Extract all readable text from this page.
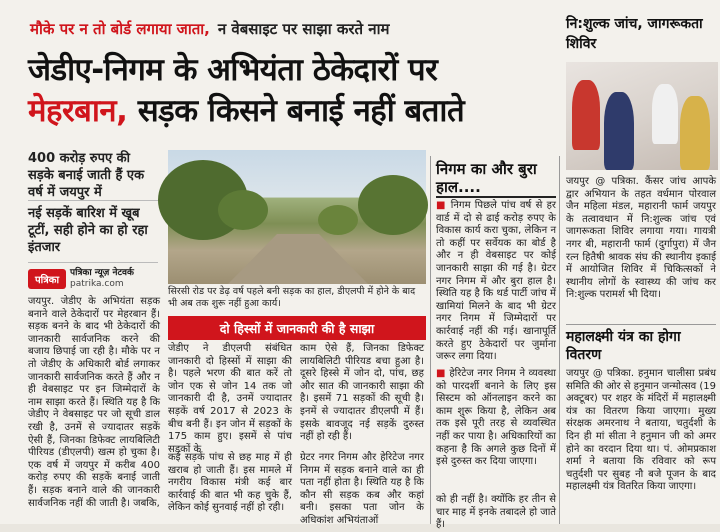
मौके पर न तो बोर्ड लगाया जाता, न वेबसाइट पर साझा करते नाम
जेडीए-निगम के अभियंता ठेकेदारों पर
मेहरबान, सड़क किसने बनाई नहीं बताते
400 करोड़ रुपए की सड़के बनाई जाती हैं एक वर्ष में जयपुर में
नई सड़कें बारिश में खूब टूटीं, सही होने का हो रहा इंतजार
पत्रिका
पत्रिका न्यूज़ नेटवर्क
patrika.com
जयपुर. जेडीए के अभियंता सड़क बनाने वाले ठेकेदारों पर मेहरबान हैं। सड़क बनने के बाद भी ठेकेदारों की जानकारी सार्वजनिक करने की बजाय छिपाई जा रही है। मौके पर न तो जेडीए के अधिकारी बोर्ड लगाकर जानकारी सार्वजनिक करते हैं और न ही वेबसाइट पर इन जिम्मेदारों के नाम साझा करते हैं। स्थिति यह है कि जेडीए ने वेबसाइट पर जो सूची डाल रखी है, उनमें से ज्यादातर सड़कें ऐसी हैं, जिनका डिफेक्ट लायबिलिटी पीरियड (डीएलपी) खत्म हो चुका है। एक वर्ष में जयपुर में करीब 400 करोड़ रुपए की सड़कें बनाई जाती हैं। सड़क बनाने वाले की जानकारी सार्वजनिक नहीं की जाती है। जबकि,
सिरसी रोड पर डेढ़ वर्ष पहले बनी सड़क का हाल, डीएलपी में होने के बाद भी अब तक शुरू नहीं हुआ कार्य।
दो हिस्सों में जानकारी की है साझा
जेडीए ने डीएलपी संबंधित जानकारी दो हिस्सों में साझा की है। पहले भरण की बात करें तो जोन एक से जोन 14 तक जो जानकारी दी है, उनमें ज्यादातर सड़कें वर्ष 2017 से 2023 के बीच बनी हैं। इन जोन में सड़कों के 175 काम हुए। इसमें से पांच सड़कों के
काम ऐसे हैं, जिनका डिफेक्ट लायबिलिटी पीरियड बचा हुआ है। दूसरे हिस्से में जोन दो, पांच, छह और सात की जानकारी साझा की है। इसमें 71 सड़कों की सूची है। इनमें से ज्यादातर डीएलपी में हैं। इसके बावजूद नई सड़कें दुरुस्त नहीं हो रही हैं।
कई सड़कें पांच से छह माह में ही खराब हो जाती हैं। इस मामले में नगरीय विकास मंत्री कई बार कार्रवाई की बात भी कह चुके हैं, लेकिन कोई सुनवाई नहीं हो रही।
ग्रेटर नगर निगम और हेरिटेज नगर निगम में सड़क बनाने वाले का ही पता नहीं होता है। स्थिति यह है कि कौन सी सड़क कब और कहां बनी। इसका पता जोन के अधिकांश अभियंताओं
निगम का और बुरा हाल....
■ निगम पिछले पांच वर्ष से हर वार्ड में दो से ढाई करोड़ रुपए के विकास कार्य करा चुका, लेकिन न तो कहीं पर सर्वेयक का बोर्ड है और न ही वेबसाइट पर कोई जानकारी साझा की गई है। ग्रेटर नगर निगम में और बुरा हाल है। स्थिति यह है कि थर्ड पार्टी जांच में खामियां मिलने के बाद भी ग्रेटर नगर निगम में जिम्मेदारों पर कार्रवाई नहीं की गई। खानापूर्ति करते हुए ठेकेदारों पर जुर्माना जरूर लगा दिया।
■ हेरिटेज नगर निगम ने व्यवस्था को पारदर्शी बनाने के लिए इस सिस्टम को ऑनलाइन करने का काम शुरू किया है, लेकिन अब तक इसे पूरी तरह से व्यवस्थित नहीं कर पाया है। अधिकारियों का कहना है कि अगले कुछ दिनों में इसे दुरुस्त कर दिया जाएगा।
को ही नहीं है। क्योंकि हर तीन से चार माह में इनके तबादले हो जाते हैं।
नि:शुल्क जांच, जागरूकता शिविर
जयपुर @ पत्रिका. कैंसर जांच आपके द्वार अभियान के तहत वर्धमान पोरवाल जैन महिला मंडल, महारानी फार्म जयपुर के तत्वावधान में नि:शुल्क जांच एवं जागरूकता शिविर लगाया गया। गायत्री नगर बी, महारानी फार्म (दुर्गापुरा) में जैन रत्न हितैषी श्रावक संघ की स्थानीय इकाई में आयोजित शिविर में चिकित्सकों ने स्थानीय लोगों के स्वास्थ्य की जांच कर नि:शुल्क परामर्श भी दिया।
महालक्ष्मी यंत्र का होगा वितरण
जयपुर @ पत्रिका. हनुमान चालीसा प्रबंध समिति की ओर से हनुमान जन्मोत्सव (19 अक्टूबर) पर शहर के मंदिरों में महालक्ष्मी यंत्र का वितरण किया जाएगा। मुख्य संरक्षक अमरनाथ ने बताया, चतुर्दशी के दिन ही मां सीता ने हनुमान जी को अमर होने का वरदान दिया था। पं. ओमप्रकाश शर्मा ने बताया कि रविवार को रूप चतुर्दशी पर सुबह नौ बजे पूजन के बाद महालक्ष्मी यंत्र वितरित किया जाएगा।
